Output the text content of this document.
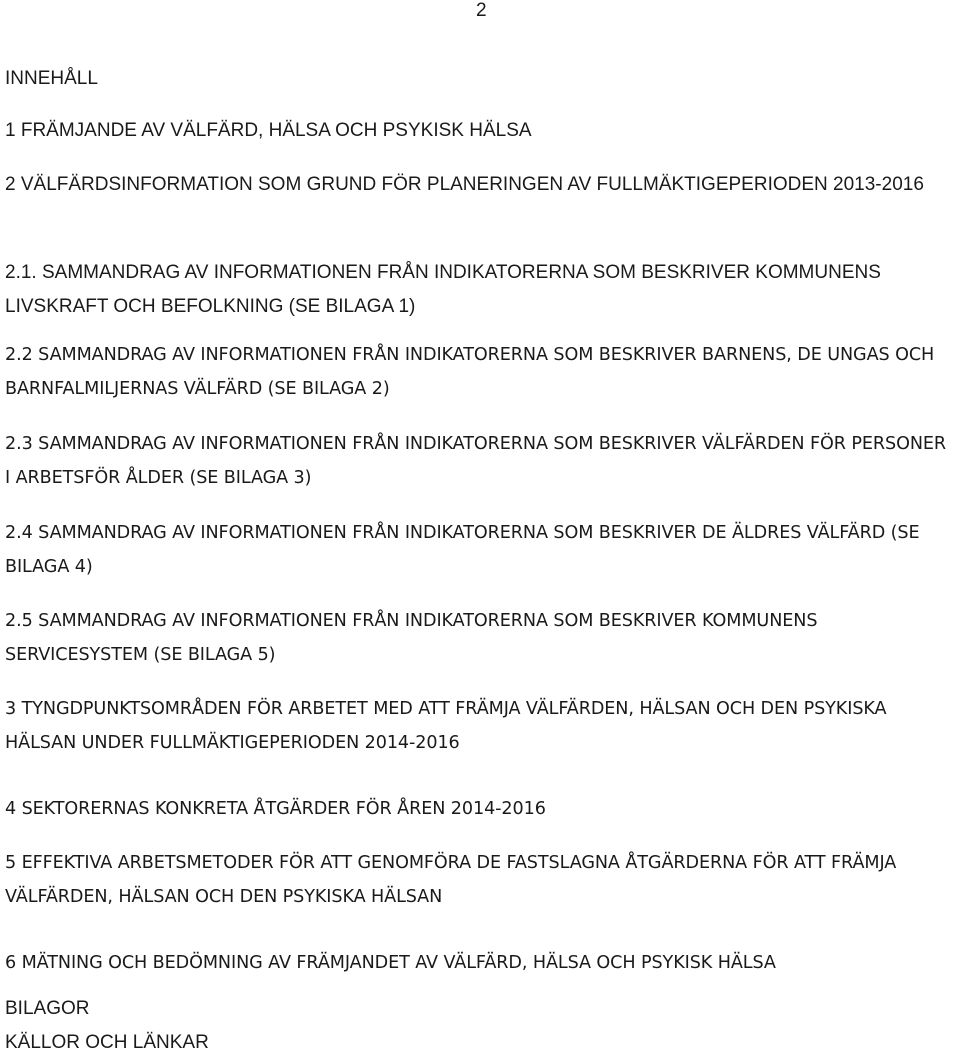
2
INNEHÅLL
1 FRÄMJANDE AV VÄLFÄRD, HÄLSA OCH PSYKISK HÄLSA
2 VÄLFÄRDSINFORMATION SOM GRUND FÖR PLANERINGEN AV FULLMÄKTIGEPERIODEN 2013-2016
2.1. SAMMANDRAG AV INFORMATIONEN FRÅN INDIKATORERNA SOM BESKRIVER KOMMUNENS LIVSKRAFT OCH BEFOLKNING (SE BILAGA 1)
2.2 SAMMANDRAG AV INFORMATIONEN FRÅN INDIKATORERNA SOM BESKRIVER BARNENS, DE UNGAS OCH BARNFALMILJERNAS VÄLFÄRD (SE BILAGA 2)
2.3 SAMMANDRAG AV INFORMATIONEN FRÅN INDIKATORERNA SOM BESKRIVER VÄLFÄRDEN FÖR PERSONER I ARBETSFÖR ÅLDER (SE BILAGA 3)
2.4 SAMMANDRAG AV INFORMATIONEN FRÅN INDIKATORERNA SOM BESKRIVER DE ÄLDRES VÄLFÄRD (SE BILAGA 4)
2.5 SAMMANDRAG AV INFORMATIONEN FRÅN INDIKATORERNA SOM BESKRIVER KOMMUNENS SERVICESYSTEM (SE BILAGA 5)
3 TYNGDPUNKTSOMRÅDEN FÖR ARBETET MED ATT FRÄMJA VÄLFÄRDEN, HÄLSAN OCH DEN PSYKISKA HÄLSAN UNDER FULLMÄKTIGEPERIODEN 2014-2016
4 SEKTORERNAS KONKRETA ÅTGÄRDER FÖR ÅREN 2014-2016
5 EFFEKTIVA ARBETSMETODER FÖR ATT GENOMFÖRA DE FASTSLAGNA ÅTGÄRDERNA FÖR ATT FRÄMJA VÄLFÄRDEN, HÄLSAN OCH DEN PSYKISKA HÄLSAN
6 MÄTNING OCH BEDÖMNING AV FRÄMJANDET AV VÄLFÄRD, HÄLSA OCH PSYKISK HÄLSA
BILAGOR
KÄLLOR OCH LÄNKAR
